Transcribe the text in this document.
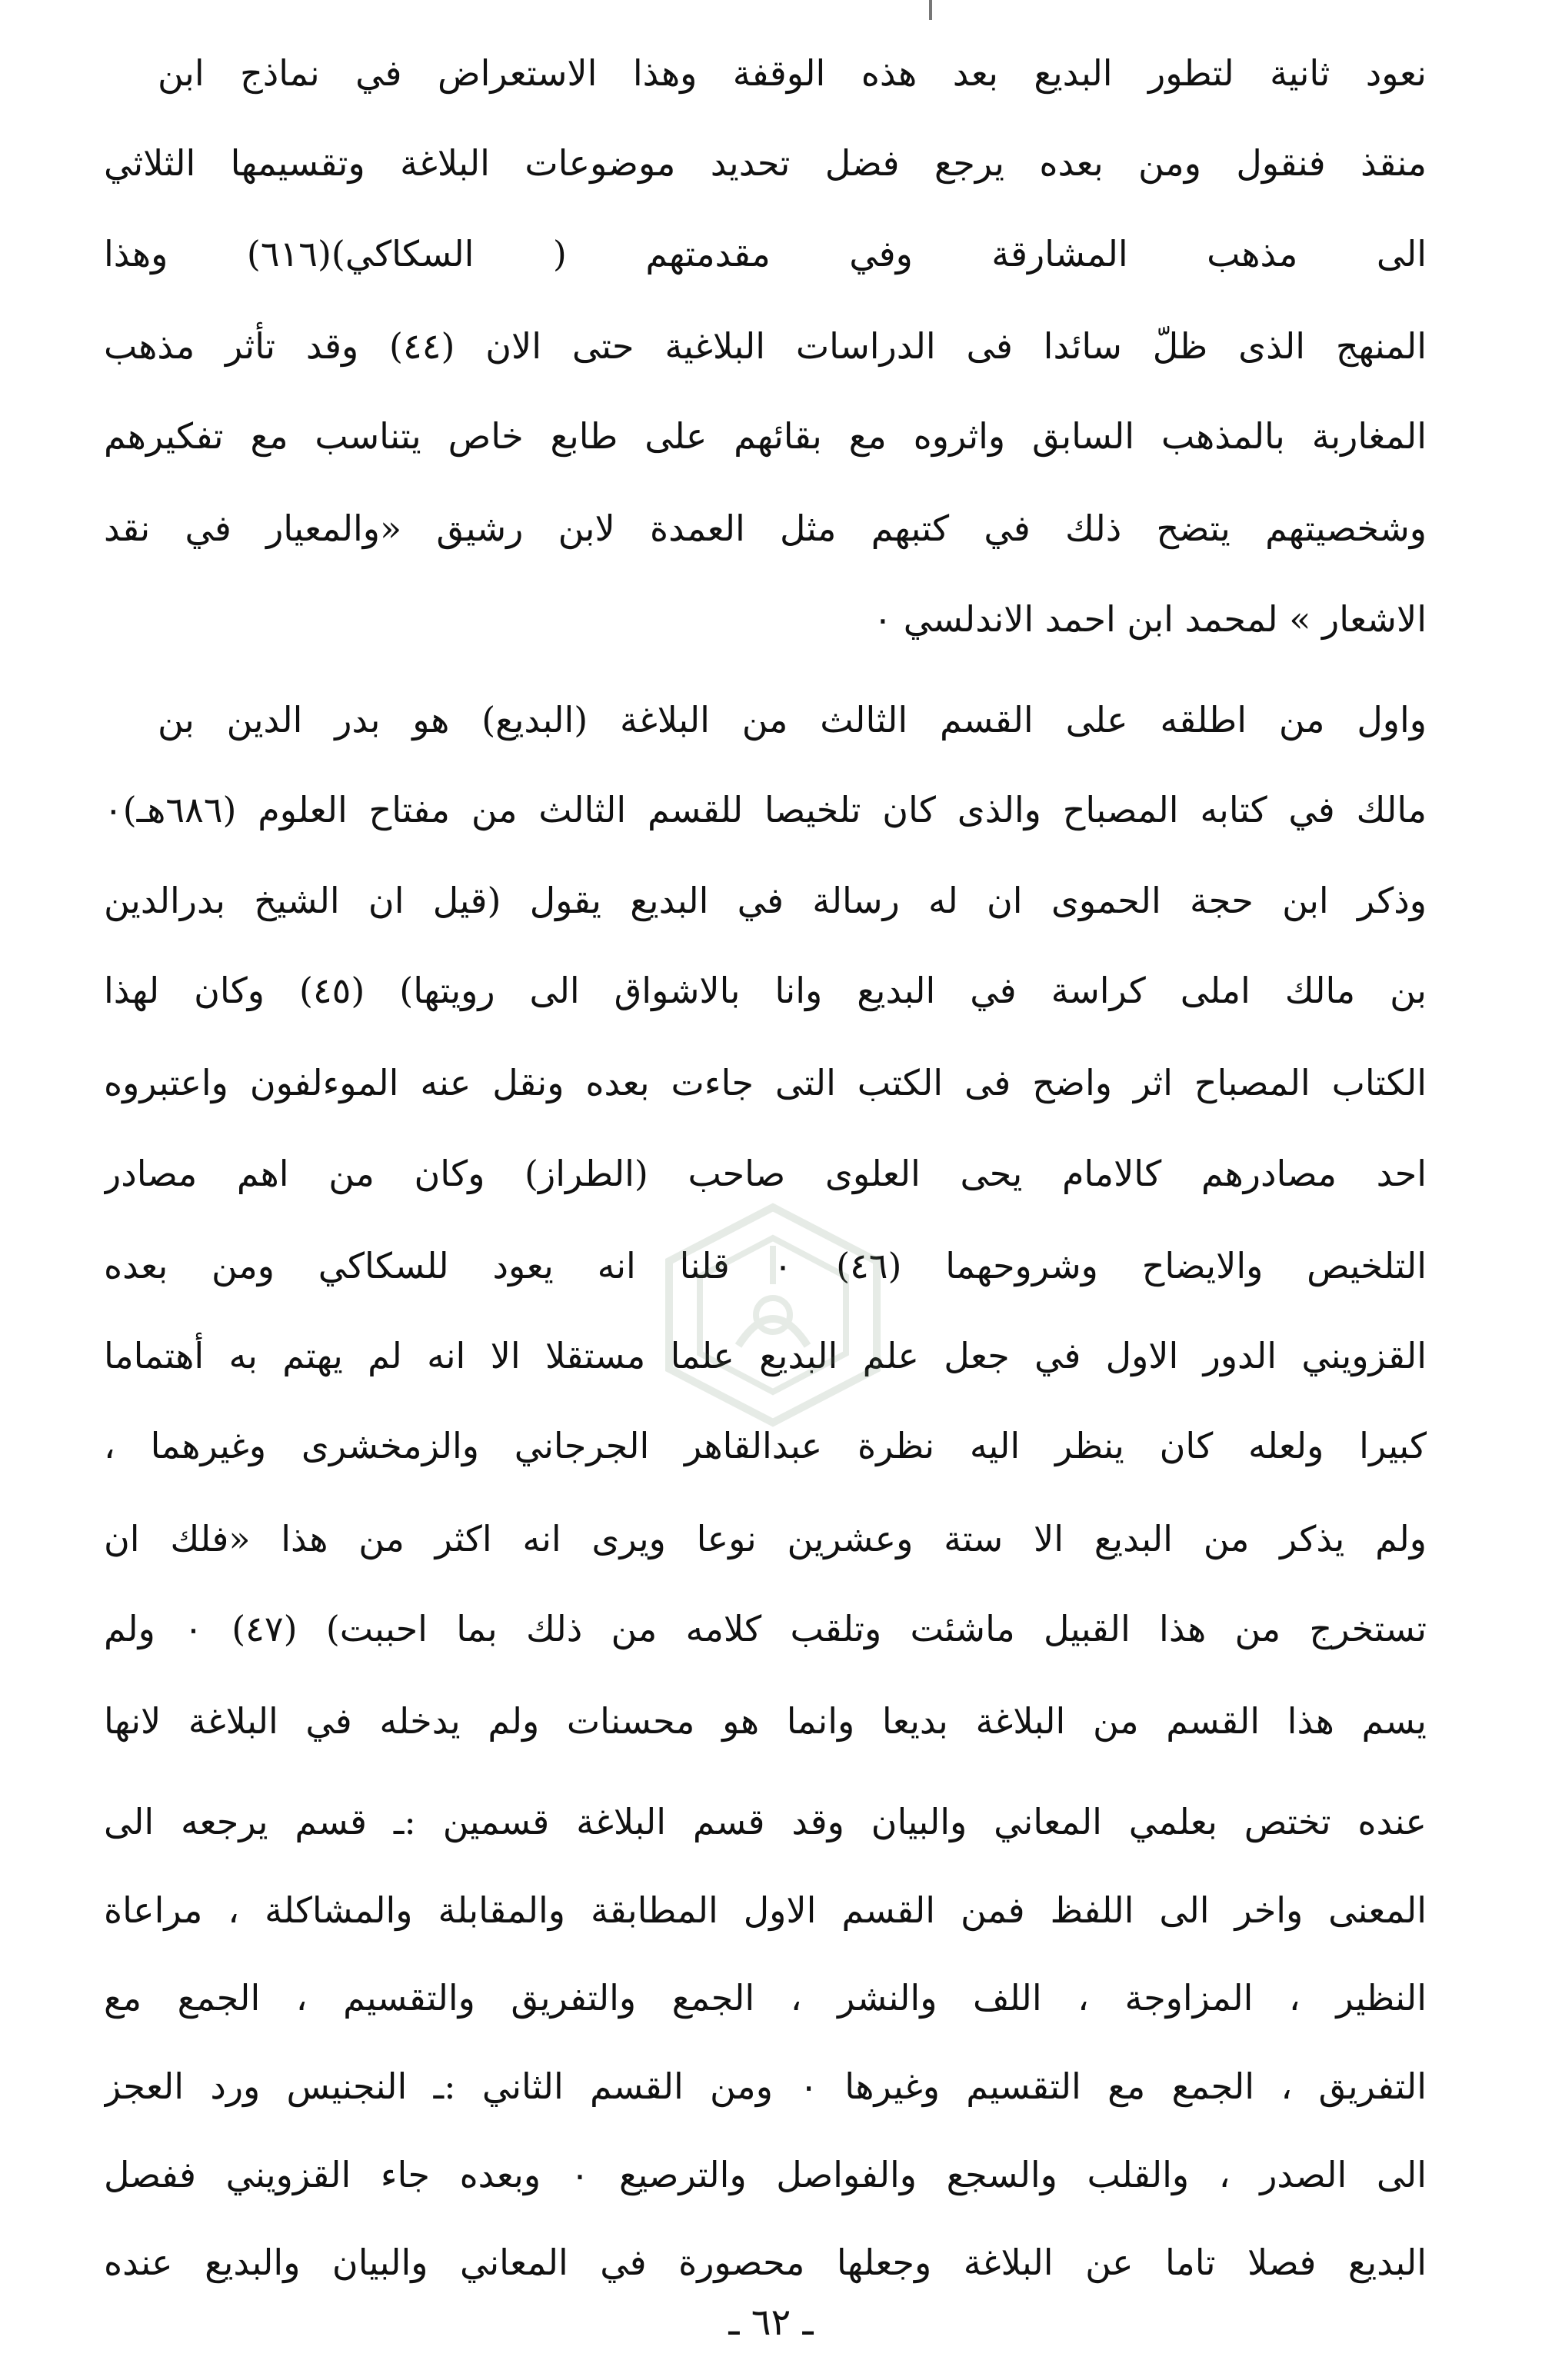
نعود ثانية لتطور البديع بعد هذه الوقفة وهذا الاستعراض في نماذج ابن
منقذ فنقول ومن بعده يرجع فضل تحديد موضوعات البلاغة وتقسيمها الثلاثي
الى مذهب المشارقة وفي مقدمتهم ( السكاكي)(٦١٦) وهذا
المنهج الذى ظلّ سائدا فى الدراسات البلاغية حتى الان (٤٤) وقد تأثر مذهب
المغاربة بالمذهب السابق واثروه مع بقائهم على طابع خاص يتناسب مع تفكيرهم
وشخصيتهم يتضح ذلك في كتبهم مثل العمدة لابن رشيق «والمعيار في نقد
الاشعار » لمحمد ابن احمد الاندلسي ٠
واول من اطلقه على القسم الثالث من البلاغة (البديع) هو بدر الدين بن
مالك في كتابه المصباح والذى كان تلخيصا للقسم الثالث من مفتاح العلوم (٦٨٦هـ)٠
وذكر ابن حجة الحموى ان له رسالة في البديع يقول (قيل ان الشيخ بدرالدين
بن مالك املى كراسة في البديع وانا بالاشواق الى رويتها) (٤٥) وكان لهذا
الكتاب المصباح اثر واضح فى الكتب التى جاءت بعده ونقل عنه الموءلفون واعتبروه
احد مصادرهم كالامام يحى العلوى صاحب (الطراز) وكان من اهم مصادر
التلخيص والايضاح وشروحهما (٤٦) ٠ قلنا انه يعود للسكاكي ومن بعده
القزويني الدور الاول في جعل علم البديع علما مستقلا الا انه لم يهتم به أهتماما
كبيرا ولعله كان ينظر اليه نظرة عبدالقاهر الجرجاني والزمخشرى وغيرهما ،
ولم يذكر من البديع الا ستة وعشرين نوعا ويرى انه اكثر من هذا «فلك ان
تستخرج من هذا القبيل ماشئت وتلقب كلامه من ذلك بما احببت) (٤٧) ٠ ولم
يسم هذا القسم من البلاغة بديعا وانما هو محسنات ولم يدخله في البلاغة لانها
عنده تختص بعلمي المعاني والبيان وقد قسم البلاغة قسمين :ـ قسم يرجعه الى
المعنى واخر الى اللفظ فمن القسم الاول المطابقة والمقابلة والمشاكلة ، مراعاة
النظير ، المزاوجة ، اللف والنشر ، الجمع والتفريق والتقسيم ، الجمع مع
التفريق ، الجمع مع التقسيم وغيرها ٠ ومن القسم الثاني :ـ النجنيس ورد العجز
الى الصدر ، والقلب والسجع والفواصل والترصيع ٠ وبعده جاء القزويني ففصل
البديع فصلا تاما عن البلاغة وجعلها محصورة في المعاني والبيان والبديع عنده
ـ ٦٢ ـ
